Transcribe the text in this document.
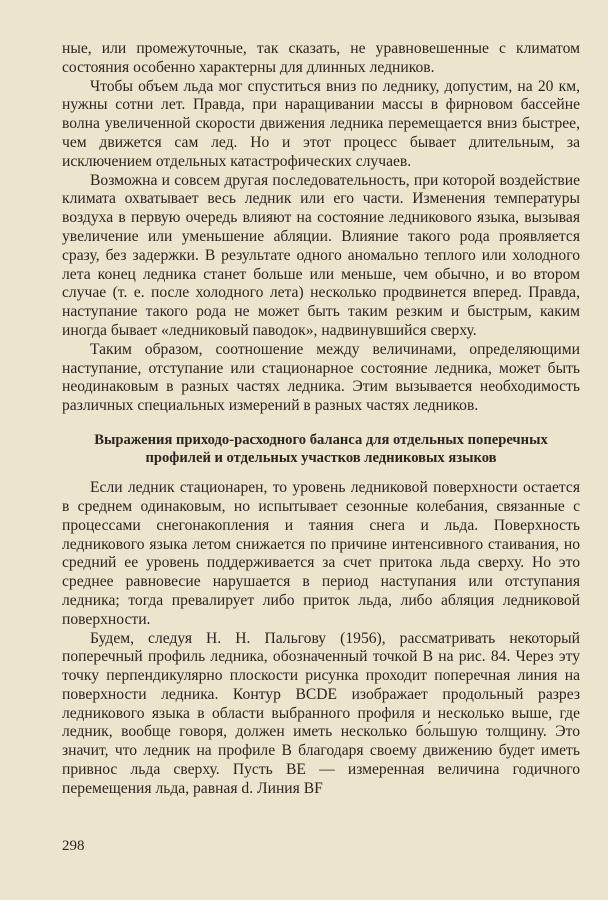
ные, или промежуточные, так сказать, не уравновешенные с климатом состояния особенно характерны для длинных ледников.

Чтобы объем льда мог спуститься вниз по леднику, допустим, на 20 км, нужны сотни лет. Правда, при наращивании массы в фирновом бассейне волна увеличенной скорости движения ледника перемещается вниз быстрее, чем движется сам лед. Но и этот процесс бывает длительным, за исключением отдельных катастрофических случаев.

Возможна и совсем другая последовательность, при которой воздействие климата охватывает весь ледник или его части. Изменения температуры воздуха в первую очередь влияют на состояние ледникового языка, вызывая увеличение или уменьшение абляции. Влияние такого рода проявляется сразу, без задержки. В результате одного аномально теплого или холодного лета конец ледника станет больше или меньше, чем обычно, и во втором случае (т. е. после холодного лета) несколько продвинется вперед. Правда, наступание такого рода не может быть таким резким и быстрым, каким иногда бывает «ледниковый паводок», надвинувшийся сверху.

Таким образом, соотношение между величинами, определяющими наступание, отступание или стационарное состояние ледника, может быть неодинаковым в разных частях ледника. Этим вызывается необходимость различных специальных измерений в разных частях ледников.

Выражения приходо-расходного баланса для отдельных поперечных профилей и отдельных участков ледниковых языков

Если ледник стационарен, то уровень ледниковой поверхности остается в среднем одинаковым, но испытывает сезонные колебания, связанные с процессами снегонакопления и таяния снега и льда. Поверхность ледникового языка летом снижается по причине интенсивного стаивания, но средний ее уровень поддерживается за счет притока льда сверху. Но это среднее равновесие нарушается в период наступания или отступания ледника; тогда превалирует либо приток льда, либо абляция ледниковой поверхности.

Будем, следуя Н. Н. Пальгову (1956), рассматривать некоторый поперечный профиль ледника, обозначенный точкой B на рис. 84. Через эту точку перпендикулярно плоскости рисунка проходит поперечная линия на поверхности ледника. Контур BCDE изображает продольный разрез ледникового языка в области выбранного профиля и несколько выше, где ледник, вообще говоря, должен иметь несколько бо́льшую толщину. Это значит, что ледник на профиле B благодаря своему движению будет иметь привнос льда сверху. Пусть BE — измеренная величина годичного перемещения льда, равная d. Линия BF

298
